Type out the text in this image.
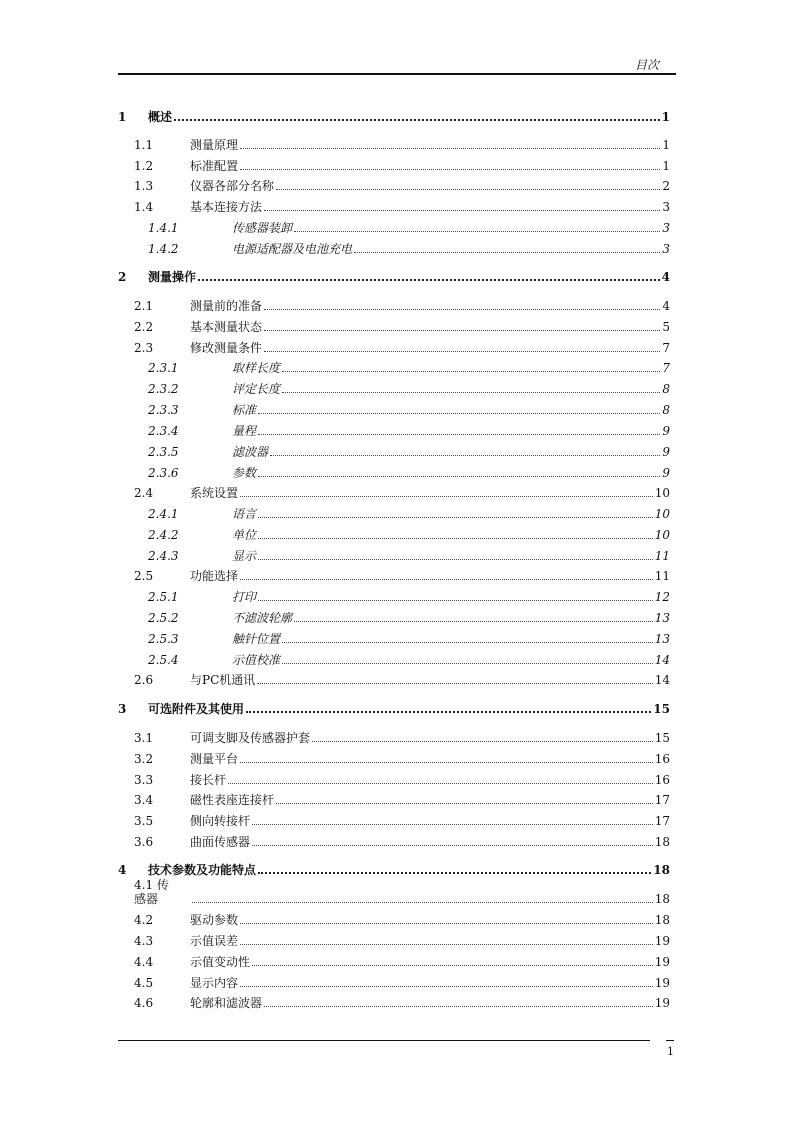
目次
1	概述	1
1.1	测量原理	1
1.2	标准配置	1
1.3	仪器各部分名称	2
1.4	基本连接方法	3
1.4.1	传感器装卸	3
1.4.2	电源适配器及电池充电	3
2	测量操作	4
2.1	测量前的准备	4
2.2	基本测量状态	5
2.3	修改测量条件	7
2.3.1	取样长度	7
2.3.2	评定长度	8
2.3.3	标准	8
2.3.4	量程	9
2.3.5	滤波器	9
2.3.6	参数	9
2.4	系统设置	10
2.4.1	语言	10
2.4.2	单位	10
2.4.3	显示	11
2.5	功能选择	11
2.5.1	打印	12
2.5.2	不滤波轮廓	13
2.5.3	触针位置	13
2.5.4	示值校准	14
2.6	与PC机通讯	14
3	可选附件及其使用	15
3.1	可调支脚及传感器护套	15
3.2	测量平台	16
3.3	接长杆	16
3.4	磁性表座连接杆	17
3.5	侧向转接杆	17
3.6	曲面传感器	18
4	技术参数及功能特点	18
4.1 传感器	18
4.2	驱动参数	18
4.3	示值误差	19
4.4	示值变动性	19
4.5	显示内容	19
4.6	轮廓和滤波器	19
1
